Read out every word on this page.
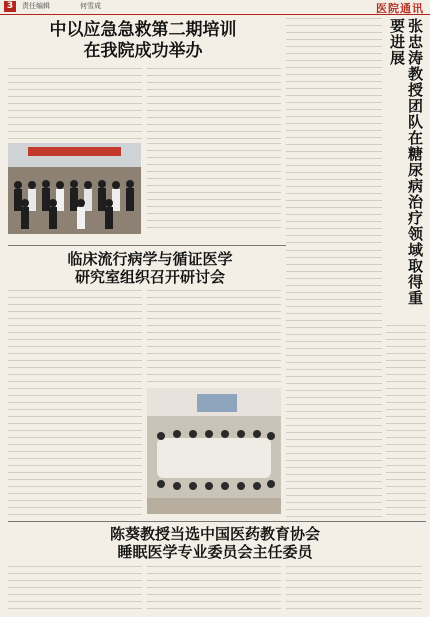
3	责任编辑	何雪成	医院通讯
中以应急急救第二期培训
在我院成功举办	张忠涛教授团队在糖尿病治疗领域取得重要进展
临床流行病学与循证医学
研究室组织召开研讨会
陈葵教授当选中国医药教育协会
睡眠医学专业委员会主任委员
